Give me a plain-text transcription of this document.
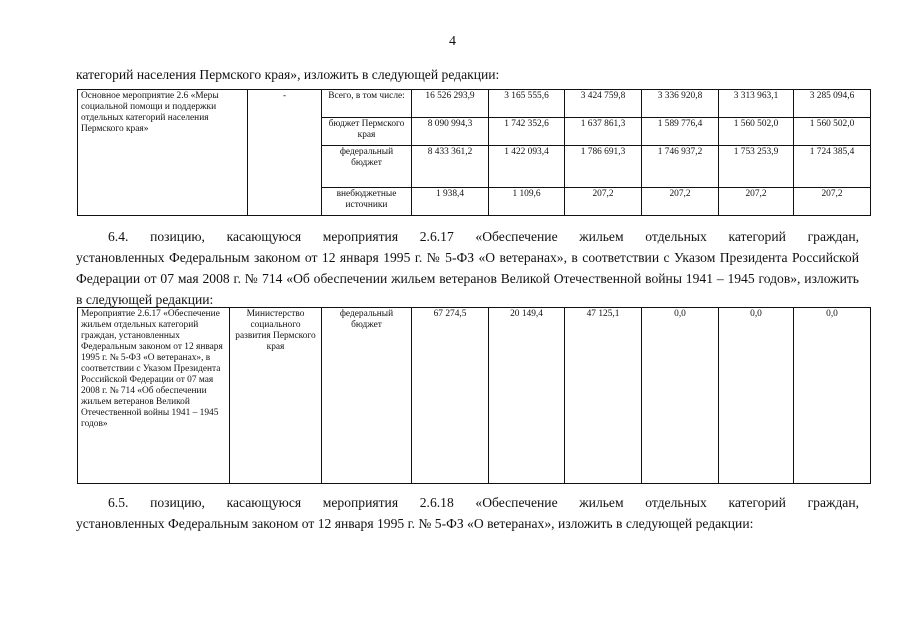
4
категорий населения Пермского края», изложить в следующей редакции:
Основное мероприятие 2.6 «Меры социальной помощи и поддержки отдельных категорий населения Пермского края»	-	Всего, в том числе:	16 526 293,9	3 165 555,6	3 424 759,8	3 336 920,8	3 313 963,1	3 285 094,6
		бюджет Пермского края	8 090 994,3	1 742 352,6	1 637 861,3	1 589 776,4	1 560 502,0	1 560 502,0
		федеральный бюджет	8 433 361,2	1 422 093,4	1 786 691,3	1 746 937,2	1 753 253,9	1 724 385,4
		внебюджетные источники	1 938,4	1 109,6	207,2	207,2	207,2	207,2
6.4. позицию, касающуюся мероприятия 2.6.17 «Обеспечение жильем отдельных категорий граждан,
установленных Федеральным законом от 12 января 1995 г. № 5-ФЗ «О ветеранах», в соответствии с Указом Президента Российской Федерации от 07 мая 2008 г. № 714 «Об обеспечении жильем ветеранов Великой Отечественной войны 1941 – 1945 годов», изложить в следующей редакции:
Мероприятие 2.6.17 «Обеспечение жильем отдельных категорий граждан, установленных Федеральным законом от 12 января 1995 г. № 5-ФЗ «О ветеранах», в соответствии с Указом Президента Российской Федерации от 07 мая 2008 г. № 714 «Об обеспечении жильем ветеранов Великой Отечественной войны 1941 – 1945 годов»	Министерство социального развития Пермского края	федеральный бюджет	67 274,5	20 149,4	47 125,1	0,0	0,0	0,0
6.5. позицию, касающуюся мероприятия 2.6.18 «Обеспечение жильем отдельных категорий граждан,
установленных Федеральным законом от 12 января 1995 г. № 5-ФЗ «О ветеранах», изложить в следующей редакции:
